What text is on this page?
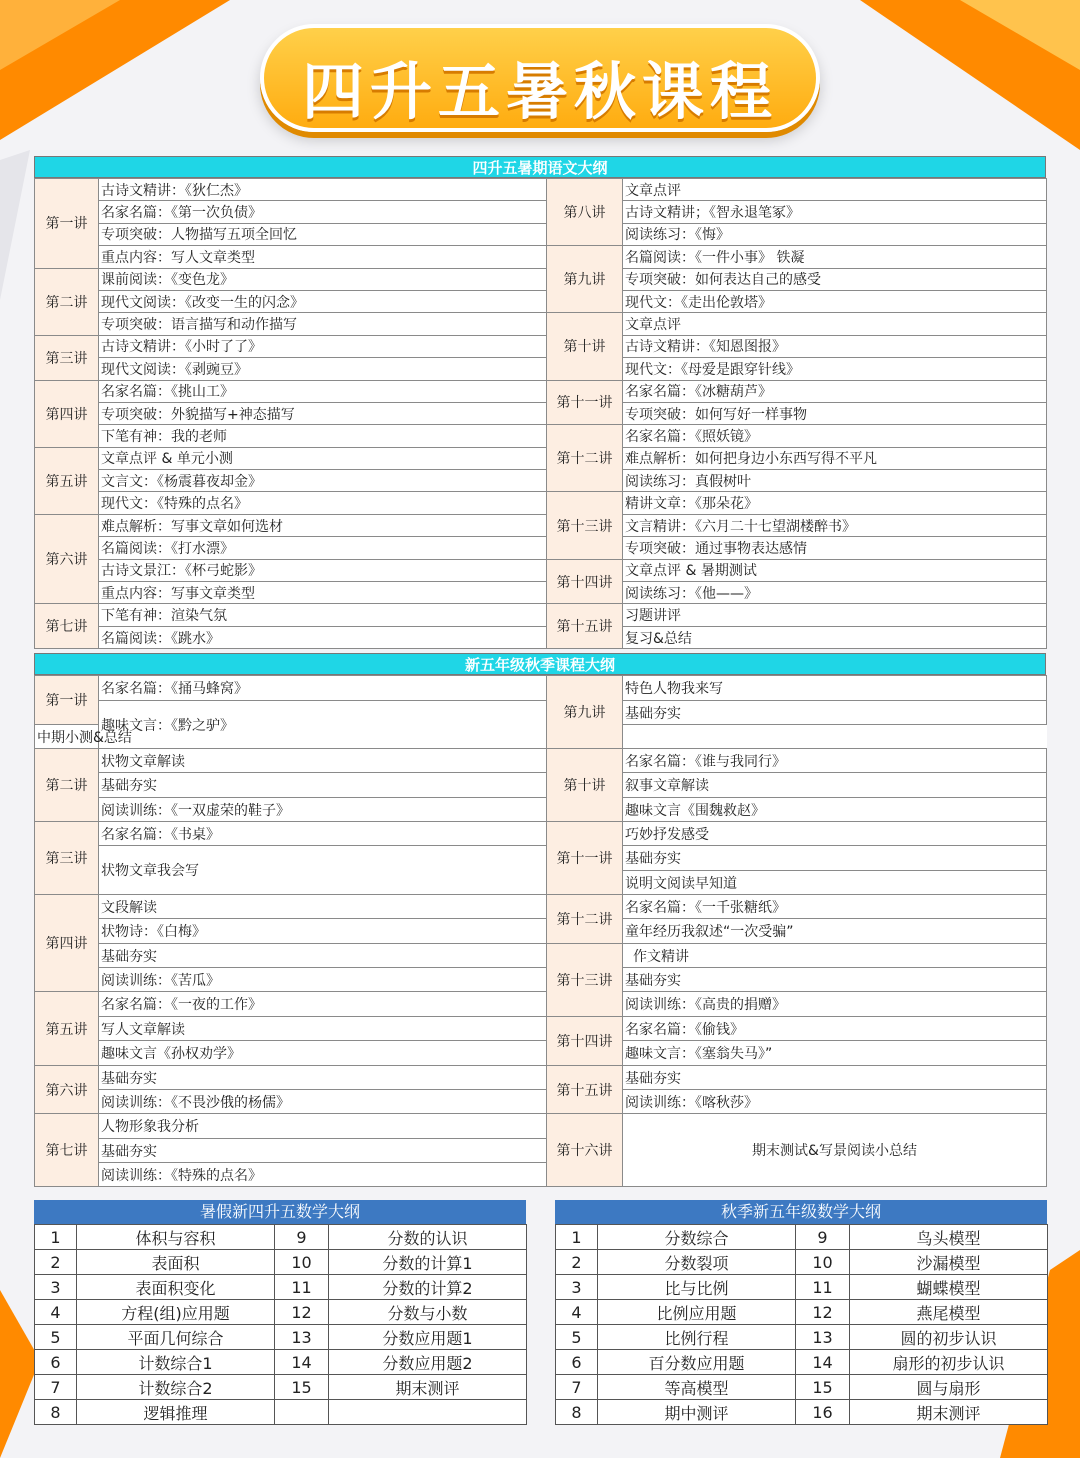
四升五暑秋课程
四升五暑期语文大纲
第一讲	古诗文精讲：《狄仁杰》	第八讲	文章点评
	名家名篇：《第一次负债》		古诗文精讲；《智永退笔冢》
	专项突破：人物描写五项全回忆		阅读练习：《悔》
	重点内容：写人文章类型	第九讲	名篇阅读：《一件小事》 铁凝
第二讲	课前阅读：《变色龙》		专项突破：如何表达自己的感受
	现代文阅读：《改变一生的闪念》		现代文：《走出伦敦塔》
	专项突破：语言描写和动作描写	第十讲	文章点评
第三讲	古诗文精讲：《小时了了》		古诗文精讲：《知恩图报》
	现代文阅读：《剥豌豆》		现代文：《母爱是跟穿针线》
第四讲	名家名篇：《挑山工》	第十一讲	名家名篇：《冰糖葫芦》
	专项突破：外貌描写+神态描写		专项突破：如何写好一样事物
	下笔有神：我的老师	第十二讲	名家名篇：《照妖镜》
第五讲	文章点评 & 单元小测		难点解析：如何把身边小东西写得不平凡
	文言文：《杨震暮夜却金》		阅读练习：真假树叶
	现代文：《特殊的点名》	第十三讲	精讲文章：《那朵花》
第六讲	难点解析：写事文章如何选材		文言精讲：《六月二十七望湖楼醉书》
	名篇阅读：《打水漂》		专项突破：通过事物表达感情
	古诗文景江：《杯弓蛇影》	第十四讲	文章点评 & 暑期测试
	重点内容：写事文章类型		阅读练习：《他——》
第七讲	下笔有神：渲染气氛	第十五讲	习题讲评
	名篇阅读：《跳水》		复习&总结
新五年级秋季课程大纲
第一讲	名家名篇：《捅马蜂窝》	第九讲	特色人物我来写
	趣味文言：《黔之驴》		基础夯实
中期小测&总结			
第二讲	状物文章解读	第十讲	名家名篇：《谁与我同行》
	基础夯实		叙事文章解读
	阅读训练：《一双虚荣的鞋子》		趣味文言《围魏救赵》
第三讲	名家名篇：《书桌》	第十一讲	巧妙抒发感受
	状物文章我会写		基础夯实
			说明文阅读早知道
第四讲	文段解读	第十二讲	名家名篇：《一千张糖纸》
	状物诗：《白梅》		童年经历我叙述“一次受骗”
	基础夯实	第十三讲	作文精讲
	阅读训练：《苦瓜》		基础夯实
第五讲	名家名篇：《一夜的工作》		阅读训练：《高贵的捐赠》
	写人文章解读	第十四讲	名家名篇：《偷钱》
	趣味文言《孙权劝学》		趣味文言：《塞翁失马》”
第六讲	基础夯实	第十五讲	基础夯实
	阅读训练：《不畏沙俄的杨儒》		阅读训练：《喀秋莎》
第七讲	人物形象我分析	第十六讲	期末测试&写景阅读小总结
	基础夯实		
	阅读训练：《特殊的点名》		
暑假新四升五数学大纲
1	体积与容积	9	分数的认识
2	表面积	10	分数的计算1
3	表面积变化	11	分数的计算2
4	方程(组)应用题	12	分数与小数
5	平面几何综合	13	分数应用题1
6	计数综合1	14	分数应用题2
7	计数综合2	15	期末测评
8	逻辑推理		
秋季新五年级数学大纲
1	分数综合	9	鸟头模型
2	分数裂项	10	沙漏模型
3	比与比例	11	蝴蝶模型
4	比例应用题	12	燕尾模型
5	比例行程	13	圆的初步认识
6	百分数应用题	14	扇形的初步认识
7	等高模型	15	圆与扇形
8	期中测评	16	期末测评
